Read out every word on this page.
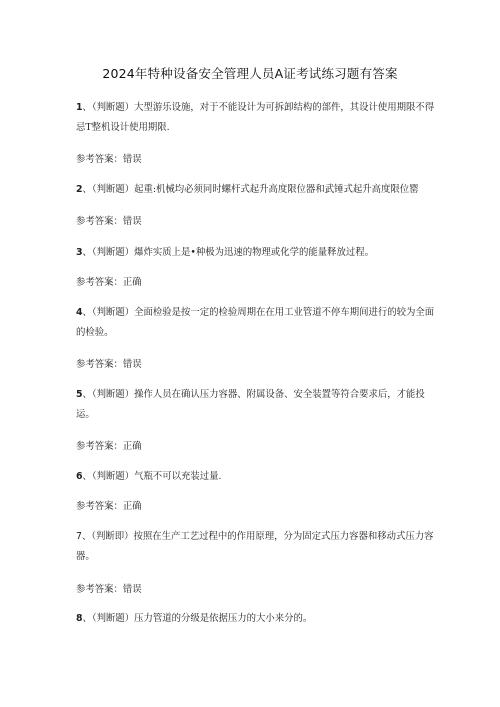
2024年特种设备安全管理人员A证考试练习题有答案
1、（判断题）大型游乐设施，对于不能设计为可拆卸结构的部件，其设计使用期限不得忌T整机设计使用期限.
参考答案：错误
2、（判断题）起重:机械均必须同时螺杆式起升高度限位器和武锤式起升高度限位罂
参考答案：错误
3、（判断题）爆炸实质上是•种极为迅速的物理或化学的能量释放过程。
参考答案：正确
4、（判断题）全面检验是按一定的检验周期在在用工业管道不停车期间进行的较为全面的检验。
参考答案：错误
5、（判断题）操作人员在确认压力容器、附属设备、安全装置等符合要求后，才能投运。
参考答案：正确
6、（判断题）气瓶不可以充装过量.
参考答案：正确
7、（判断即）按照在生产工艺过程中的作用原理，分为固定式压力容器和移动式压力容器。
参考答案：错误
8、（判断题）压力管道的分级是依据压力的大小来分的。
